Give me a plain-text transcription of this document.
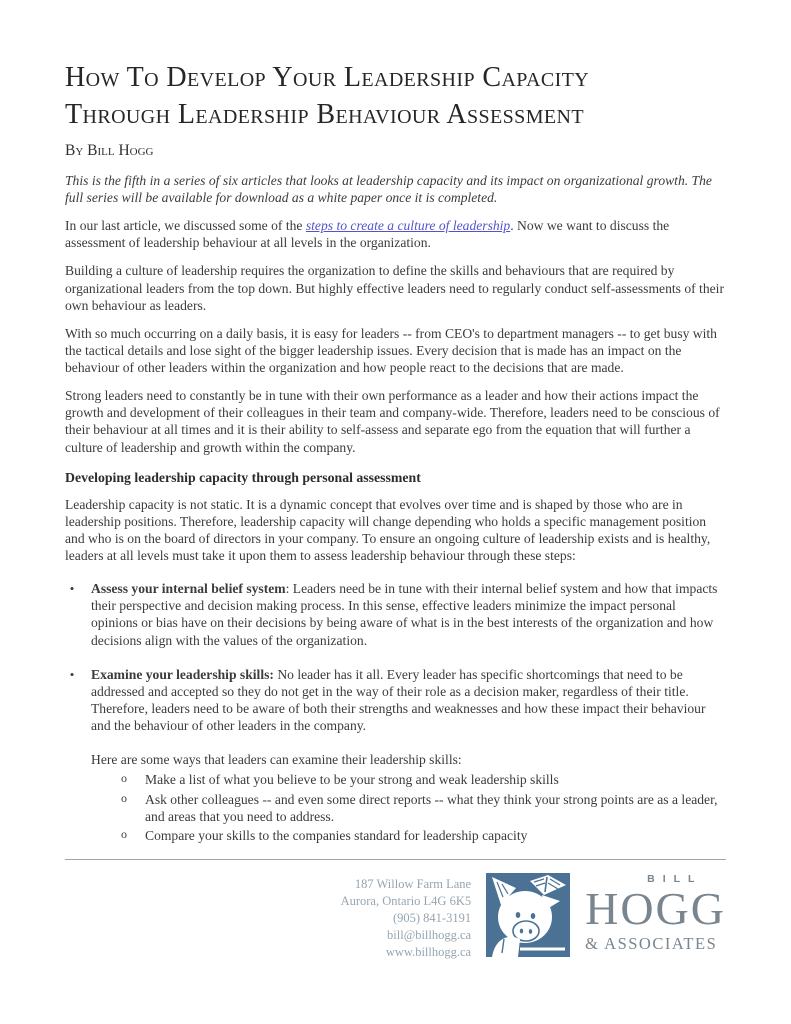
How To Develop Your Leadership Capacity
Through Leadership Behaviour Assessment
By Bill Hogg

This is the fifth in a series of six articles that looks at leadership capacity and its impact on organizational growth. The full series will be available for download as a white paper once it is completed.

In our last article, we discussed some of the steps to create a culture of leadership. Now we want to discuss the assessment of leadership behaviour at all levels in the organization.

Building a culture of leadership requires the organization to define the skills and behaviours that are required by organizational leaders from the top down. But highly effective leaders need to regularly conduct self-assessments of their own behaviour as leaders.

With so much occurring on a daily basis, it is easy for leaders -- from CEO's to department managers -- to get busy with the tactical details and lose sight of the bigger leadership issues. Every decision that is made has an impact on the behaviour of other leaders within the organization and how people react to the decisions that are made.

Strong leaders need to constantly be in tune with their own performance as a leader and how their actions impact the growth and development of their colleagues in their team and company-wide. Therefore, leaders need to be conscious of their behaviour at all times and it is their ability to self-assess and separate ego from the equation that will further a culture of leadership and growth within the company.

Developing leadership capacity through personal assessment

Leadership capacity is not static. It is a dynamic concept that evolves over time and is shaped by those who are in leadership positions. Therefore, leadership capacity will change depending who holds a specific management position and who is on the board of directors in your company. To ensure an ongoing culture of leadership exists and is healthy, leaders at all levels must take it upon them to assess leadership behaviour through these steps:

•	Assess your internal belief system: Leaders need be in tune with their internal belief system and how that impacts their perspective and decision making process. In this sense, effective leaders minimize the impact personal opinions or bias have on their decisions by being aware of what is in the best interests of the organization and how decisions align with the values of the organization.
•	Examine your leadership skills: No leader has it all. Every leader has specific shortcomings that need to be addressed and accepted so they do not get in the way of their role as a decision maker, regardless of their title. Therefore, leaders need to be aware of both their strengths and weaknesses and how these impact their behaviour and the behaviour of other leaders in the company.
Here are some ways that leaders can examine their leadership skills:
o Make a list of what you believe to be your strong and weak leadership skills
o Ask other colleagues -- and even some direct reports -- what they think your strong points are as a leader, and areas that you need to address.
o Compare your skills to the companies standard for leadership capacity
187 Willow Farm Lane
Aurora, Ontario L4G 6K5
(905) 841-3191
bill@billhogg.ca
www.billhogg.ca
BILL
HOGG
& ASSOCIATES
